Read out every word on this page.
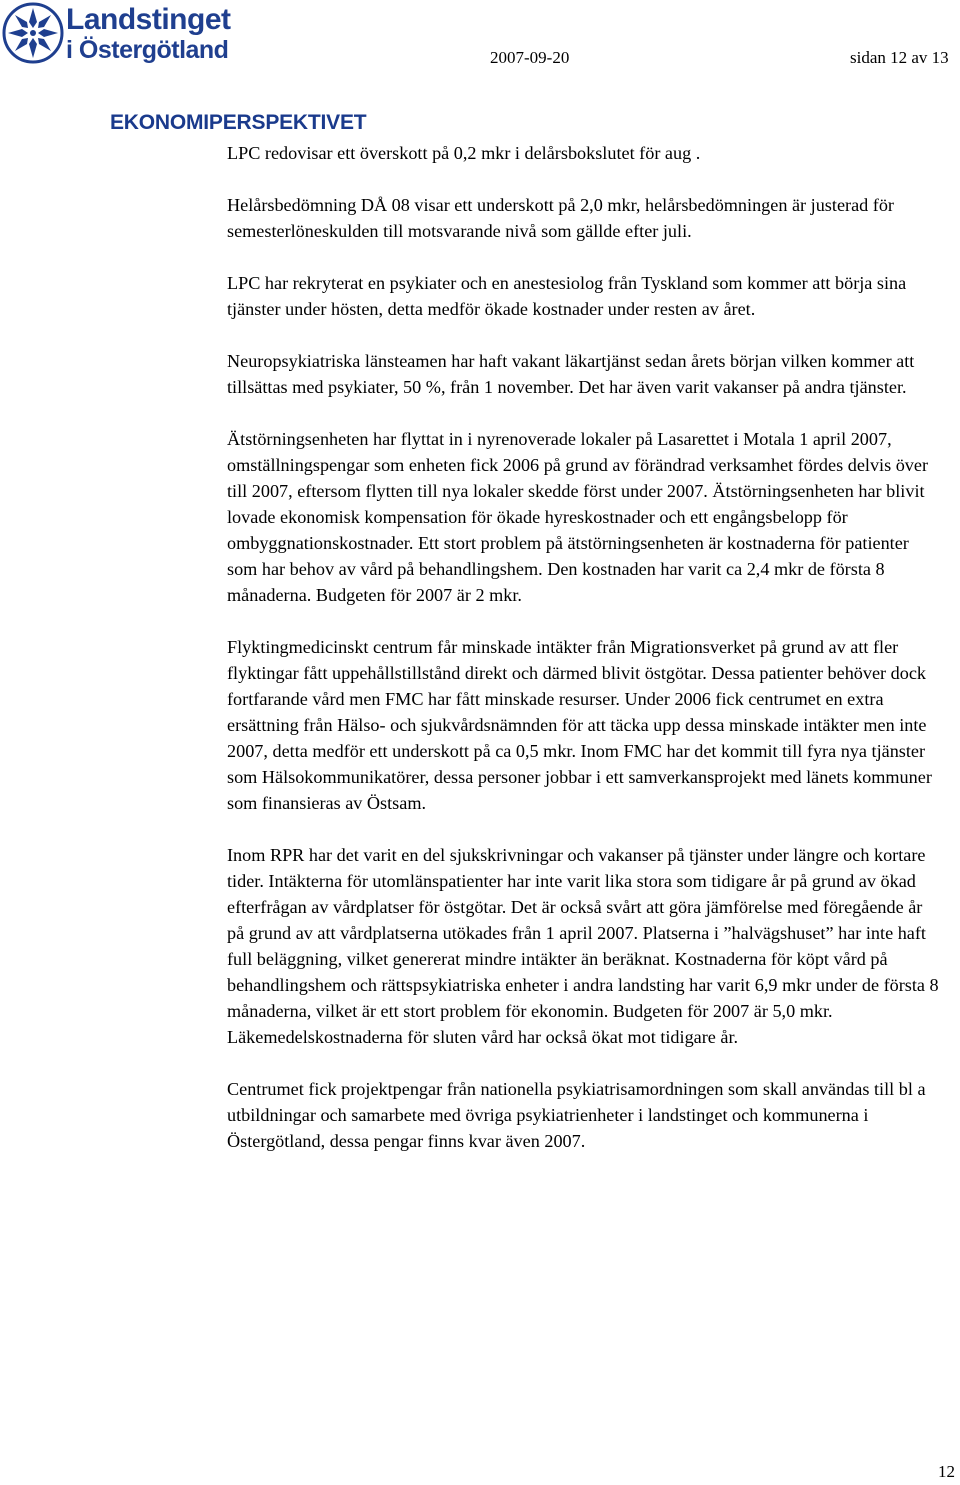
Landstinget
i Östergötland	2007-09-20	sidan 12 av 13
EKONOMIPERSPEKTIVET

LPC redovisar ett överskott på 0,2 mkr i delårsbokslutet för aug .

Helårsbedömning DÅ 08 visar ett underskott på 2,0 mkr, helårsbedömningen är justerad för semesterlöneskulden till motsvarande nivå som gällde efter juli.

LPC har rekryterat en psykiater och en anestesiolog från Tyskland som kommer att börja sina tjänster under hösten, detta medför ökade kostnader under resten av året.

Neuropsykiatriska länsteamen har haft vakant läkartjänst sedan årets början vilken kommer att tillsättas med psykiater, 50 %, från 1 november. Det har även varit vakanser på andra tjänster.

Ätstörningsenheten har flyttat in i nyrenoverade lokaler på Lasarettet i Motala 1 april 2007, omställningspengar som enheten fick 2006 på grund av förändrad verksamhet fördes delvis över till 2007, eftersom flytten till nya lokaler skedde först under 2007. Ätstörningsenheten har blivit lovade ekonomisk kompensation för ökade hyreskostnader och ett engångsbelopp för ombyggnationskostnader. Ett stort problem på ätstörningsenheten är kostnaderna för patienter som har behov av vård på behandlingshem. Den kostnaden har varit ca 2,4 mkr de första 8 månaderna. Budgeten för 2007 är 2 mkr.

Flyktingmedicinskt centrum får minskade intäkter från Migrationsverket på grund av att fler flyktingar fått uppehållstillstånd direkt och därmed blivit östgötar. Dessa patienter behöver dock fortfarande vård men FMC har fått minskade resurser. Under 2006 fick centrumet en extra ersättning från Hälso- och sjukvårdsnämnden för att täcka upp dessa minskade intäkter men inte 2007, detta medför ett underskott på ca 0,5 mkr. Inom FMC har det kommit till fyra nya tjänster som Hälsokommunikatörer, dessa personer jobbar i ett samverkansprojekt med länets kommuner som finansieras av Östsam.

Inom RPR har det varit en del sjukskrivningar och vakanser på tjänster under längre och kortare tider. Intäkterna för utomlänspatienter har inte varit lika stora som tidigare år på grund av ökad efterfrågan av vårdplatser för östgötar. Det är också svårt att göra jämförelse med föregående år på grund av att vårdplatserna utökades från 1 april 2007. Platserna i ”halvägshuset” har inte haft full beläggning, vilket genererat mindre intäkter än beräknat. Kostnaderna för köpt vård på behandlingshem och rättspsykiatriska enheter i andra landsting har varit 6,9 mkr under de första 8 månaderna, vilket är ett stort problem för ekonomin. Budgeten för 2007 är 5,0 mkr. Läkemedelskostnaderna för sluten vård har också ökat mot tidigare år.

Centrumet fick projektpengar från nationella psykiatrisamordningen som skall användas till bl a utbildningar och samarbete med övriga psykiatrienheter i landstinget och kommunerna i Östergötland, dessa pengar finns kvar även 2007.

12
